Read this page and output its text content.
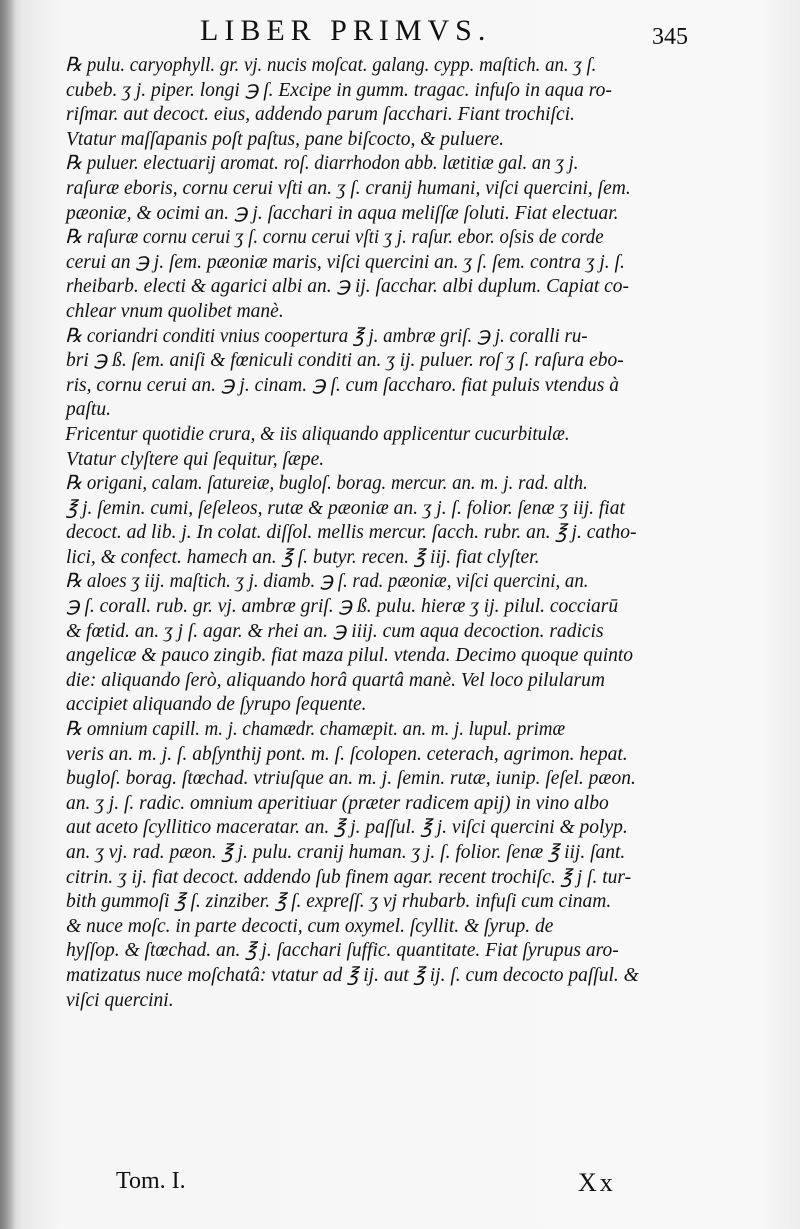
LIBER PRIMVS.	345
℞ pulu. caryophyll. gr. vj. nucis moſcat. galang. cypp. maſtich. an. ʒ ſ.
cubeb. ʒ j. piper. longi ℈ ſ. Excipe in gumm. tragac. infuſo in aqua ro-
riſmar. aut decoct. eius, addendo parum ſacchari. Fiant trochiſci.
Vtatur maſſapanis poſt paſtus, pane biſcocto, & puluere.
℞ puluer. electuarij aromat. roſ. diarrhodon abb. lætitiæ gal. an ʒ j.
raſuræ eboris, cornu cerui vſti an. ʒ ſ. cranij humani, viſci quercini, ſem.
pæoniæ, & ocimi an. ℈ j. ſacchari in aqua meliſſæ ſoluti. Fiat electuar.
℞ raſuræ cornu cerui ʒ ſ. cornu cerui vſti ʒ j. raſur. ebor. oſsis de corde
cerui an ℈ j. ſem. pæoniæ maris, viſci quercini an. ʒ ſ. ſem. contra ʒ j. ſ.
rheibarb. electi & agarici albi an. ℈ ij. ſacchar. albi duplum. Capiat co-
chlear vnum quolibet manè.
℞ coriandri conditi vnius coopertura ℥ j. ambræ griſ. ℈ j. coralli ru-
bri ℈ ß. ſem. aniſi & fœniculi conditi an. ʒ ij. puluer. roſ ʒ ſ. raſura ebo-
ris, cornu cerui an. ℈ j. cinam. ℈ ſ. cum ſaccharo. fiat puluis vtendus à
paſtu.
Fricentur quotidie crura, & iis aliquando applicentur cucurbitulæ.
Vtatur clyſtere qui ſequitur, ſæpe.
℞ origani, calam. ſatureiæ, bugloſ. borag. mercur. an. m. j. rad. alth.
℥ j. ſemin. cumi, ſeſeleos, rutæ & pæoniæ an. ʒ j. ſ. folior. ſenæ ʒ iij. fiat
decoct. ad lib. j. In colat. diſſol. mellis mercur. ſacch. rubr. an. ℥ j. catho-
lici, & confect. hamech an. ℥ ſ. butyr. recen. ℥ iij. fiat clyſter.
℞ aloes ʒ iij. maſtich. ʒ j. diamb. ℈ ſ. rad. pæoniæ, viſci quercini, an.
℈ ſ. corall. rub. gr. vj. ambræ griſ. ℈ ß. pulu. hieræ ʒ ij. pilul. cocciarū
& fœtid. an. ʒ j ſ. agar. & rhei an. ℈ iiij. cum aqua decoction. radicis
angelicæ & pauco zingib. fiat maza pilul. vtenda. Decimo quoque quinto
die: aliquando ſerò, aliquando horâ quartâ manè. Vel loco pilularum
accipiet aliquando de ſyrupo ſequente.
℞ omnium capill. m. j. chamædr. chamæpit. an. m. j. lupul. primæ
veris an. m. j. ſ. abſynthij pont. m. ſ. ſcolopen. ceterach, agrimon. hepat.
bugloſ. borag. ſtœchad. vtriuſque an. m. j. ſemin. rutæ, iunip. ſeſel. pæon.
an. ʒ j. ſ. radic. omnium aperitiuar (præter radicem apij) in vino albo
aut aceto ſcyllitico maceratar. an. ℥ j. paſſul. ℥ j. viſci quercini & polyp.
an. ʒ vj. rad. pæon. ℥ j. pulu. cranij human. ʒ j. ſ. folior. ſenæ ℥ iij. ſant.
citrin. ʒ ij. fiat decoct. addendo ſub finem agar. recent trochiſc. ℥ j ſ. tur-
bith gummoſi ℥ ſ. zinziber. ℥ ſ. expreſſ. ʒ vj rhubarb. infuſi cum cinam.
& nuce moſc. in parte decocti, cum oxymel. ſcyllit. & ſyrup. de
hyſſop. & ſtœchad. an. ℥ j. ſacchari ſuffic. quantitate. Fiat ſyrupus aro-
matizatus nuce moſchatâ: vtatur ad ℥ ij. aut ℥ ij. ſ. cum decocto paſſul. &
viſci quercini.
Tom. I.	Xx
